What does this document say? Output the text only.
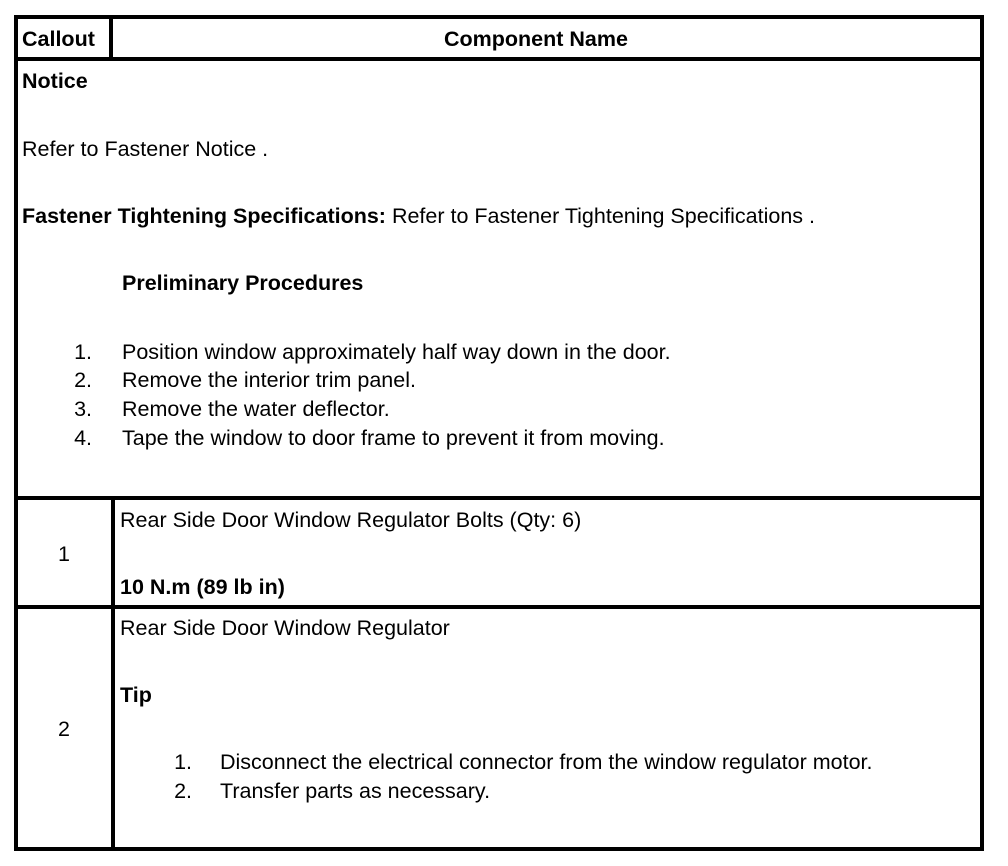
Callout	Component Name
Notice
Refer to Fastener Notice .
Fastener Tightening Specifications: Refer to Fastener Tightening Specifications .
Preliminary Procedures
1. Position window approximately half way down in the door.
2. Remove the interior trim panel.
3. Remove the water deflector.
4. Tape the window to door frame to prevent it from moving.
1
Rear Side Door Window Regulator Bolts (Qty: 6)
10 N.m (89 lb in)
2
Rear Side Door Window Regulator
Tip
1. Disconnect the electrical connector from the window regulator motor.
2. Transfer parts as necessary.
